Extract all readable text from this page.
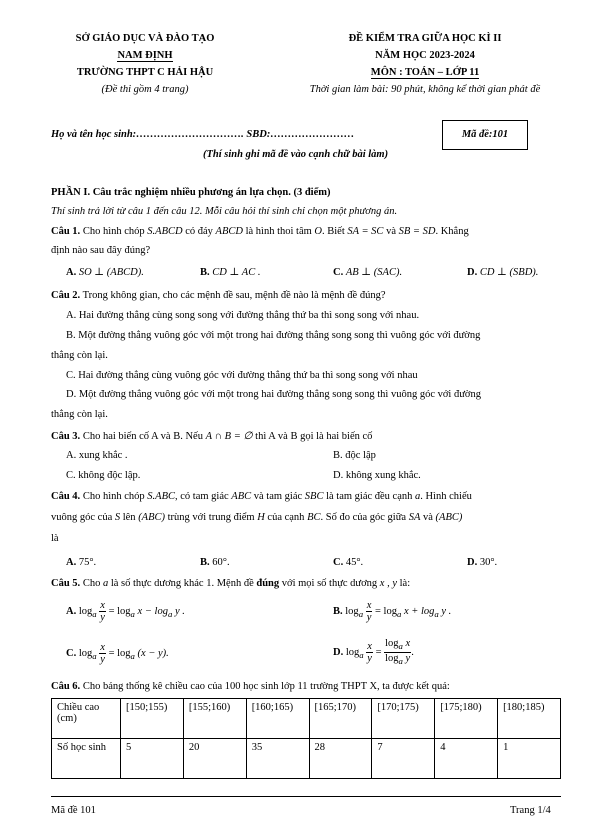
SỞ GIÁO DỤC VÀ ĐÀO TẠO
NAM ĐỊNH
TRƯỜNG THPT C HẢI HẬU
(Đề thi gồm 4 trang)
ĐỀ KIỂM TRA GIỮA HỌC KÌ II
NĂM HỌC 2023-2024
MÔN : TOÁN – LỚP 11
Thời gian làm bài: 90 phút, không kể thời gian phát đề
Họ và tên học sinh:…………………………. SBD:……………………	Mã đề:101
(Thí sinh ghi mã đề vào cạnh chữ bài làm)
PHẦN I. Câu trắc nghiệm nhiều phương án lựa chọn. (3 điểm)
Thí sinh trả lời từ câu 1 đến câu 12. Mỗi câu hỏi thí sinh chỉ chọn một phương án.
Câu 1. Cho hình chóp S.ABCD có đáy ABCD là hình thoi tâm O. Biết SA = SC và SB = SD. Khẳng
định nào sau đây đúng?
A. SO ⊥ (ABCD).	B. CD ⊥ AC .	C. AB ⊥ (SAC).	D. CD ⊥ (SBD).
Câu 2. Trong không gian, cho các mệnh đề sau, mệnh đề nào là mệnh đề đúng?
A. Hai đường thẳng cùng song song với đường thẳng thứ ba thì song song với nhau.
B. Một đường thẳng vuông góc với một trong hai đường thẳng song song thì vuông góc với đường
thẳng còn lại.
C. Hai đường thẳng cùng vuông góc với đường thẳng thứ ba thì song song với nhau
D. Một đường thẳng vuông góc với một trong hai đường thẳng song song thì vuông góc với đường
thẳng còn lại.
Câu 3. Cho hai biến cố A và B. Nếu A ∩ B = ∅ thì A và B gọi là hai biến cố
A. xung khắc .	B. độc lập
C. không độc lập.	D. không xung khắc.
Câu 4. Cho hình chóp S.ABC, có tam giác ABC và tam giác SBC là tam giác đều cạnh a. Hình chiếu
vuông góc của S lên (ABC) trùng với trung điểm H của cạnh BC. Số đo của góc giữa SA và (ABC)
là
A. 75°.	B. 60°.	C. 45°.	D. 30°.
Câu 5. Cho a là số thực dương khác 1. Mệnh đề đúng với mọi số thực dương x , y là:
A. $\log_a \frac{x}{y} = \log_a x - \log_a y$ .	B. $\log_a \frac{x}{y} = \log_a x + \log_a y$ .
C. $\log_a \frac{x}{y} = \log_a (x - y)$.	D. $\log_a \frac{x}{y} = \frac{\log_a x}{\log_a y}$ .
Câu 6. Cho bảng thống kê chiều cao của 100 học sinh lớp 11 trường THPT X, ta được kết quả:
Chiều cao (cm)	[150;155)	[155;160)	[160;165)	[165;170)	[170;175)	[175;180)	[180;185)
Số học sinh	5	20	35	28	7	4	1
Mã đề 101	Trang 1/4
